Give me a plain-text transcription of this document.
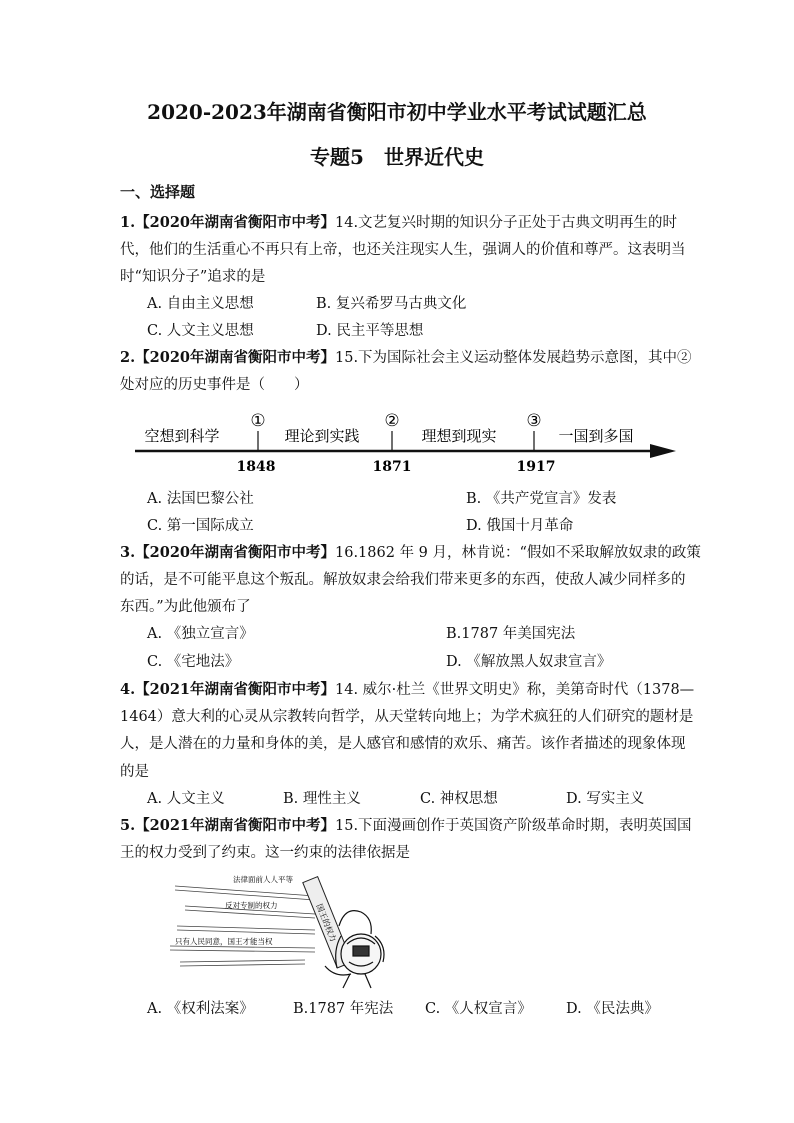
2020-2023年湖南省衡阳市初中学业水平考试试题汇总
专题5　世界近代史
一、选择题
1.【2020年湖南省衡阳市中考】14.文艺复兴时期的知识分子正处于古典文明再生的时
代，他们的生活重心不再只有上帝，也还关注现实人生，强调人的价值和尊严。这表明当
时“知识分子”追求的是
A. 自由主义思想	B. 复兴希罗马古典文化
C. 人文主义思想	D. 民主平等思想
2.【2020年湖南省衡阳市中考】15.下为国际社会主义运动整体发展趋势示意图，其中②
处对应的历史事件是（　　）
空想到科学	理论到实践	理想到现实	一国到多国
①	②	③
1848	1871	1917
A. 法国巴黎公社	B. 《共产党宣言》发表
C. 第一国际成立	D. 俄国十月革命
3.【2020年湖南省衡阳市中考】16.1862 年 9 月，林肯说：“假如不采取解放奴隶的政策
的话，是不可能平息这个叛乱。解放奴隶会给我们带来更多的东西，使敌人减少同样多的
东西。”为此他颁布了
A. 《独立宣言》	B.1787 年美国宪法
C. 《宅地法》	D. 《解放黑人奴隶宣言》
4.【2021年湖南省衡阳市中考】14. 威尔·杜兰《世界文明史》称，美第奇时代（1378—
1464）意大利的心灵从宗教转向哲学，从天堂转向地上；为学术疯狂的人们研究的题材是
人，是人潜在的力量和身体的美，是人感官和感情的欢乐、痛苦。该作者描述的现象体现
的是
A. 人文主义	B. 理性主义	C. 神权思想	D. 写实主义
5.【2021年湖南省衡阳市中考】15.下面漫画创作于英国资产阶级革命时期，表明英国国
王的权力受到了约束。这一约束的法律依据是
法律面前人人平等
反对专制的权力
只有人民同意，国王才能当权	国王的权力
A. 《权利法案》	B.1787 年宪法 C. 《人权宣言》 D. 《民法典》
